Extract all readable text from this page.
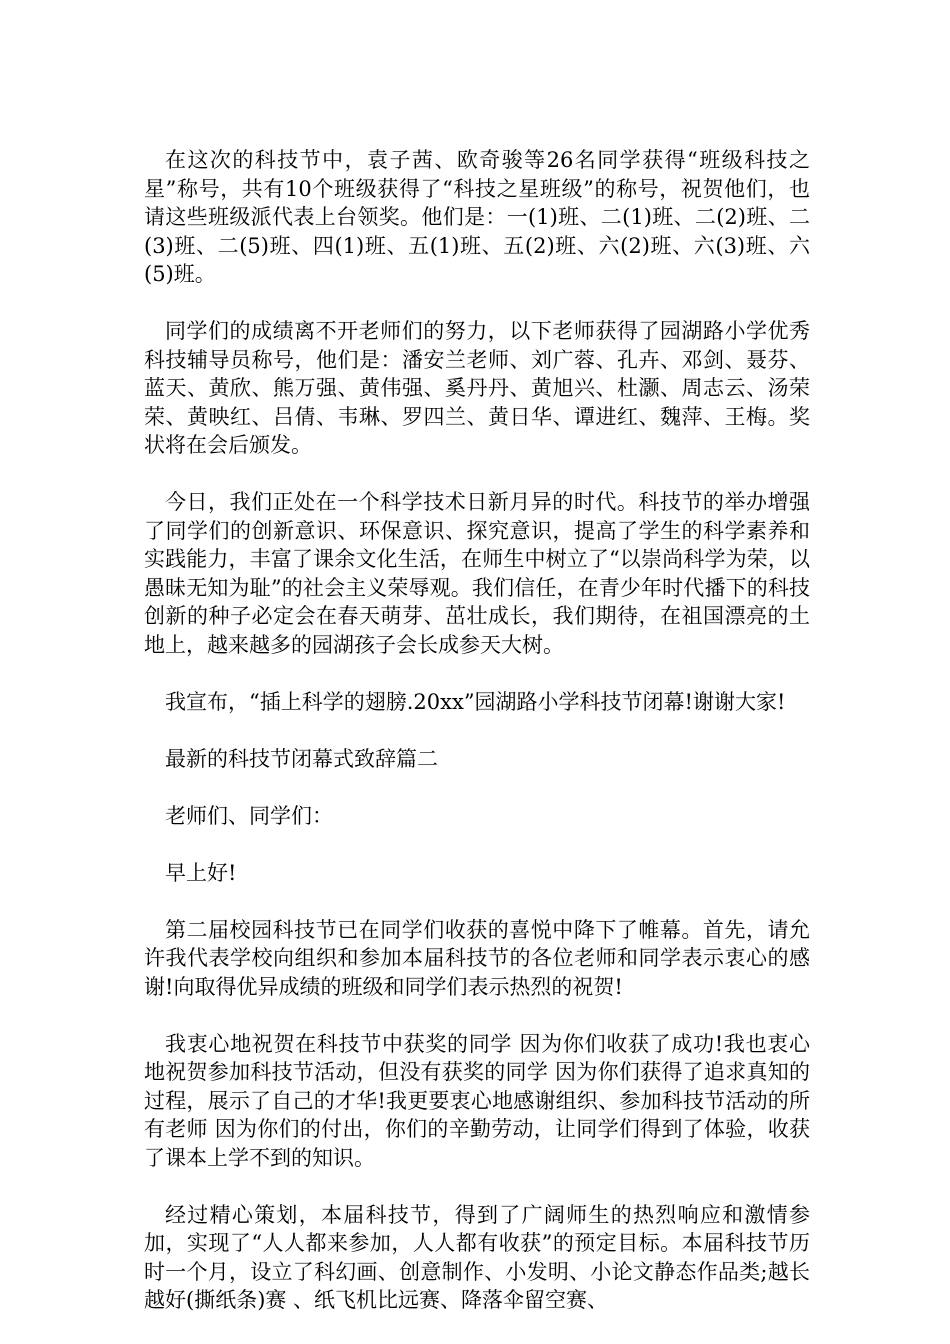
在这次的科技节中，袁子茜、欧奇骏等26名同学获得“班级科技之星”称号，共有10个班级获得了“科技之星班级”的称号，祝贺他们，也请这些班级派代表上台领奖。他们是：一(1)班、二(1)班、二(2)班、二(3)班、二(5)班、四(1)班、五(1)班、五(2)班、六(2)班、六(3)班、六(5)班。

同学们的成绩离不开老师们的努力，以下老师获得了园湖路小学优秀科技辅导员称号，他们是：潘安兰老师、刘广蓉、孔卉、邓剑、聂芬、蓝天、黄欣、熊万强、黄伟强、奚丹丹、黄旭兴、杜灏、周志云、汤荣荣、黄映红、吕倩、韦琳、罗四兰、黄日华、谭进红、魏萍、王梅。奖状将在会后颁发。

今日，我们正处在一个科学技术日新月异的时代。科技节的举办增强了同学们的创新意识、环保意识、探究意识，提高了学生的科学素养和实践能力，丰富了课余文化生活，在师生中树立了“以崇尚科学为荣，以愚昧无知为耻”的社会主义荣辱观。我们信任，在青少年时代播下的科技创新的种子必定会在春天萌芽、茁壮成长，我们期待，在祖国漂亮的土地上，越来越多的园湖孩子会长成参天大树。

我宣布，“插上科学的翅膀.20xx”园湖路小学科技节闭幕!谢谢大家!

最新的科技节闭幕式致辞篇二

老师们、同学们：

早上好!

第二届校园科技节已在同学们收获的喜悦中降下了帷幕。首先，请允许我代表学校向组织和参加本届科技节的各位老师和同学表示衷心的感谢!向取得优异成绩的班级和同学们表示热烈的祝贺!

我衷心地祝贺在科技节中获奖的同学 因为你们收获了成功!我也衷心地祝贺参加科技节活动，但没有获奖的同学 因为你们获得了追求真知的过程，展示了自己的才华!我更要衷心地感谢组织、参加科技节活动的所有老师 因为你们的付出，你们的辛勤劳动，让同学们得到了体验，收获了课本上学不到的知识。

经过精心策划，本届科技节，得到了广阔师生的热烈响应和激情参加，实现了“人人都来参加，人人都有收获”的预定目标。本届科技节历时一个月，设立了科幻画、创意制作、小发明、小论文静态作品类;越长越好(撕纸条)赛 、纸飞机比远赛、降落伞留空赛、
